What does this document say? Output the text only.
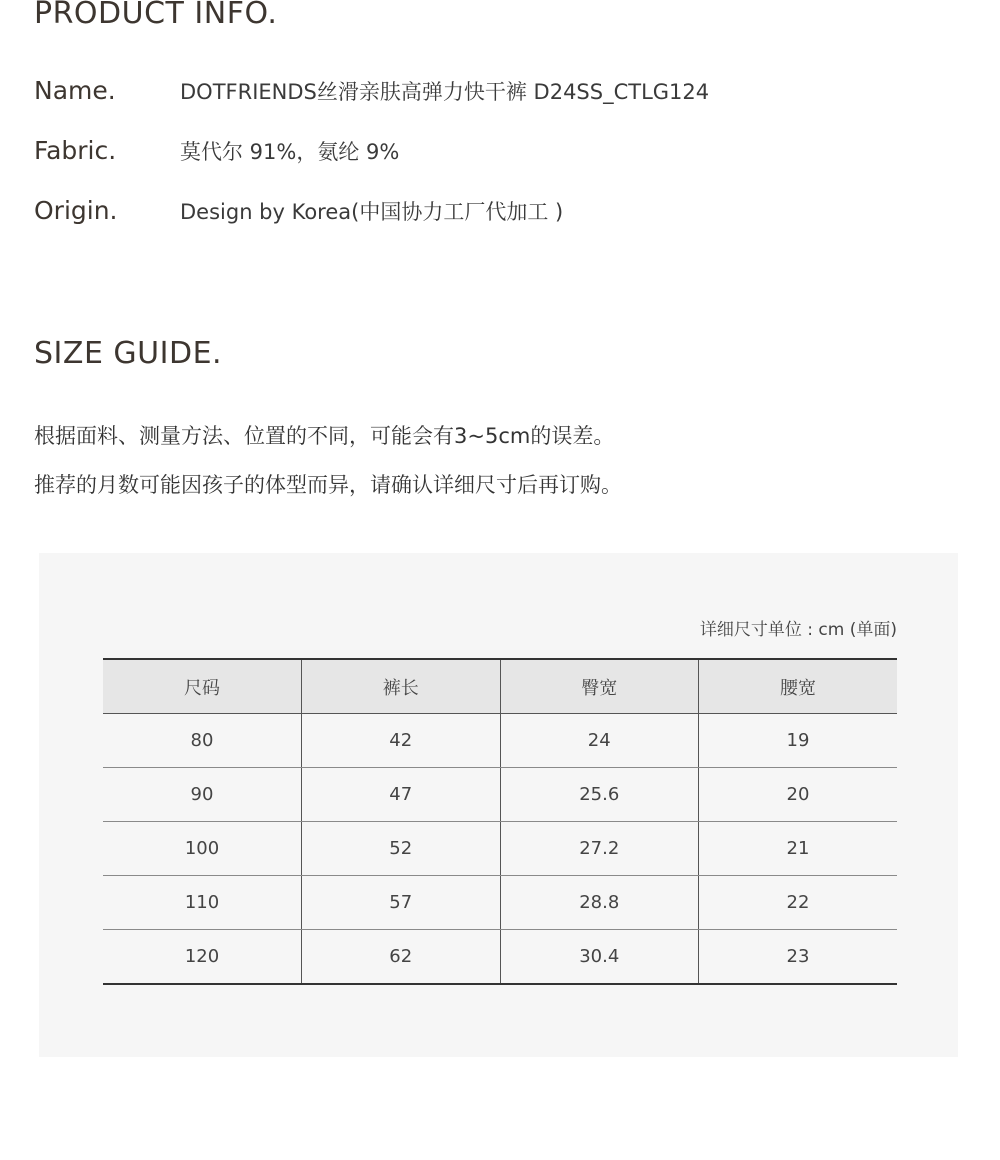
PRODUCT INFO.
Name.	DOTFRIENDS丝滑亲肤高弹力快干裤 D24SS_CTLG124
Fabric.	莫代尔 91%，氨纶 9%
Origin.	Design by Korea(中国协力工厂代加工 )
SIZE GUIDE.

根据面料、测量方法、位置的不同，可能会有3~5cm的误差。

推荐的月数可能因孩子的体型而异，请确认详细尺寸后再订购。

详细尺寸单位 : cm (单面)
尺码	裤长	臀宽	腰宽
80	42	24	19
90	47	25.6	20
100	52	27.2	21
110	57	28.8	22
120	62	30.4	23
